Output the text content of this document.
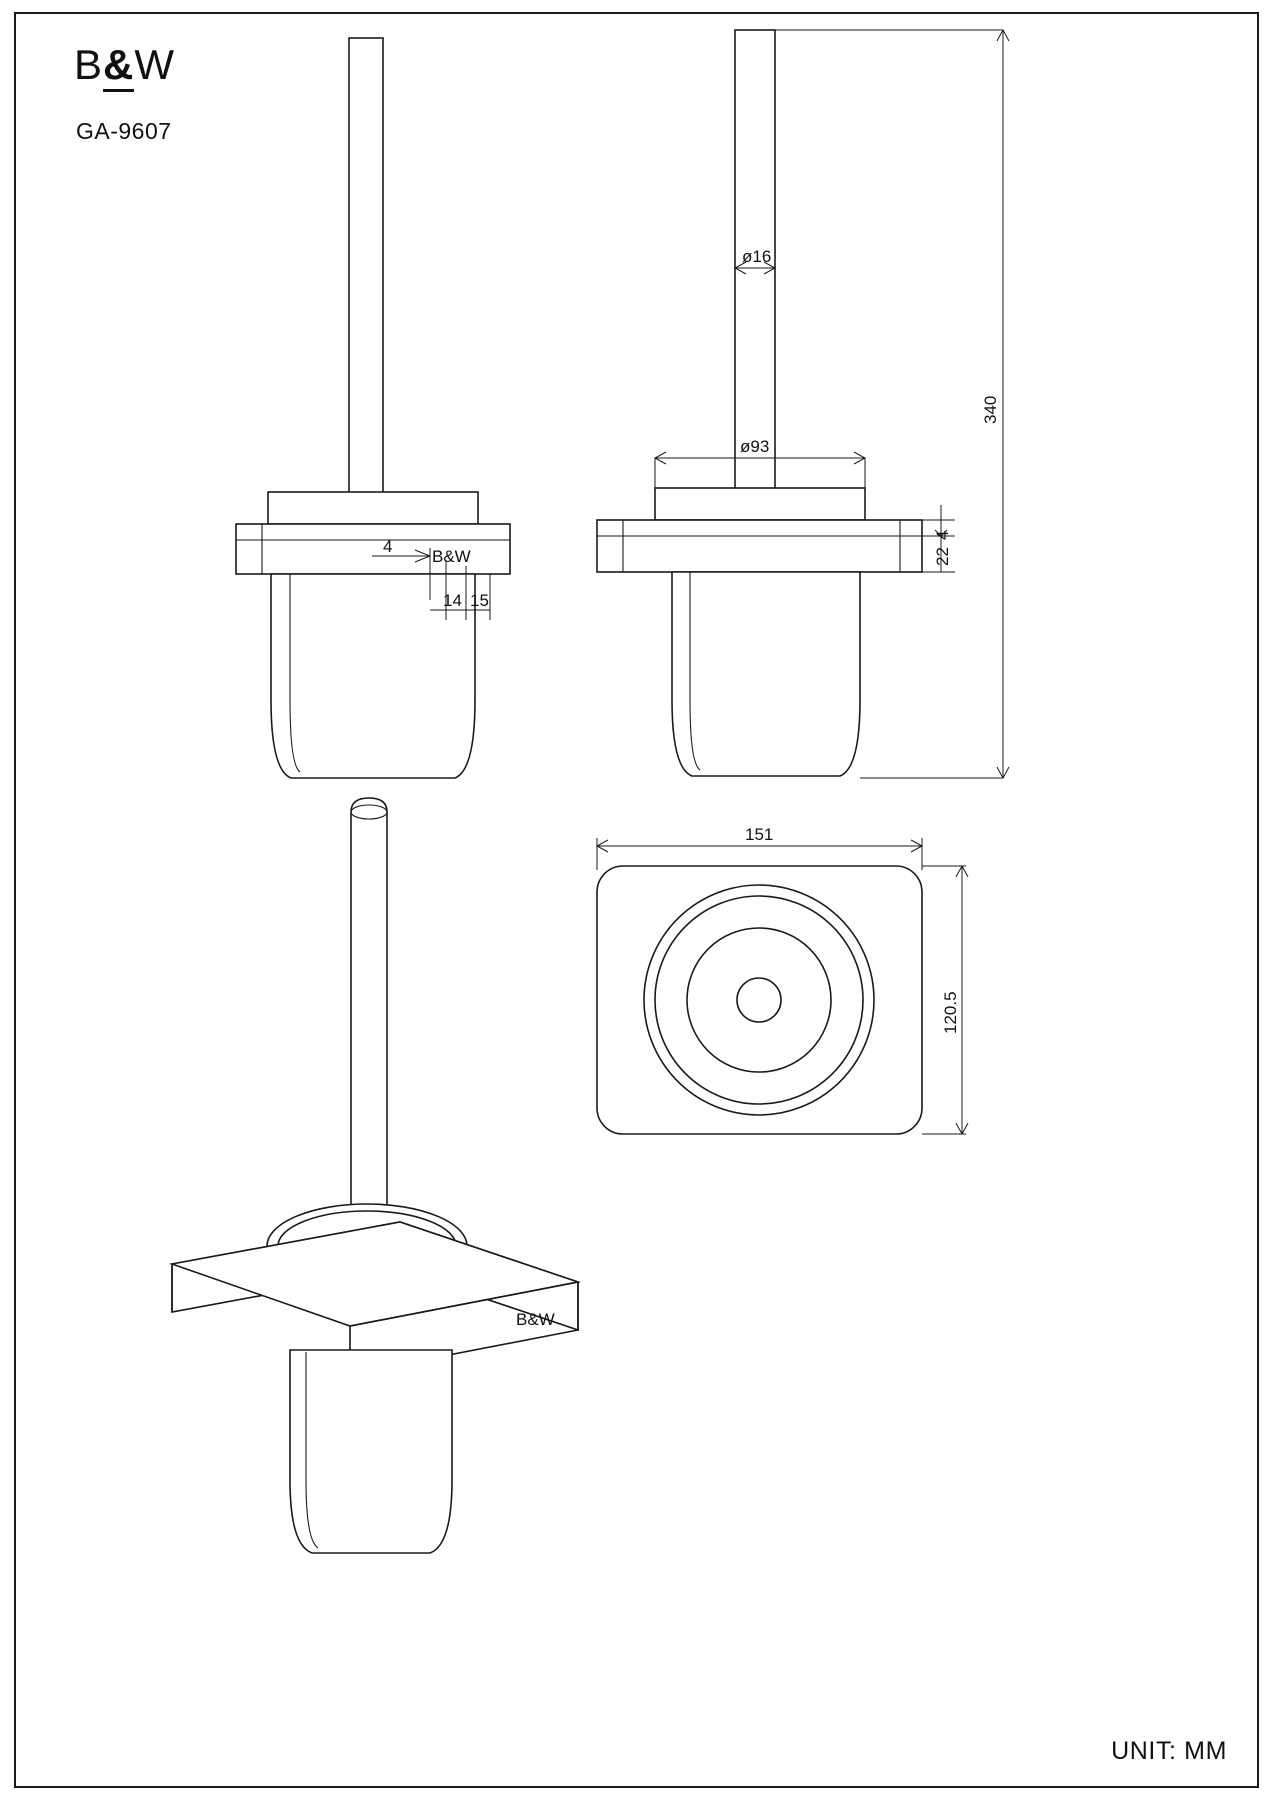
B&W
GA-9607
UNIT: MM
B&W
4
14 15
ø16
ø93
22
4
340
151
120.5
B&W
